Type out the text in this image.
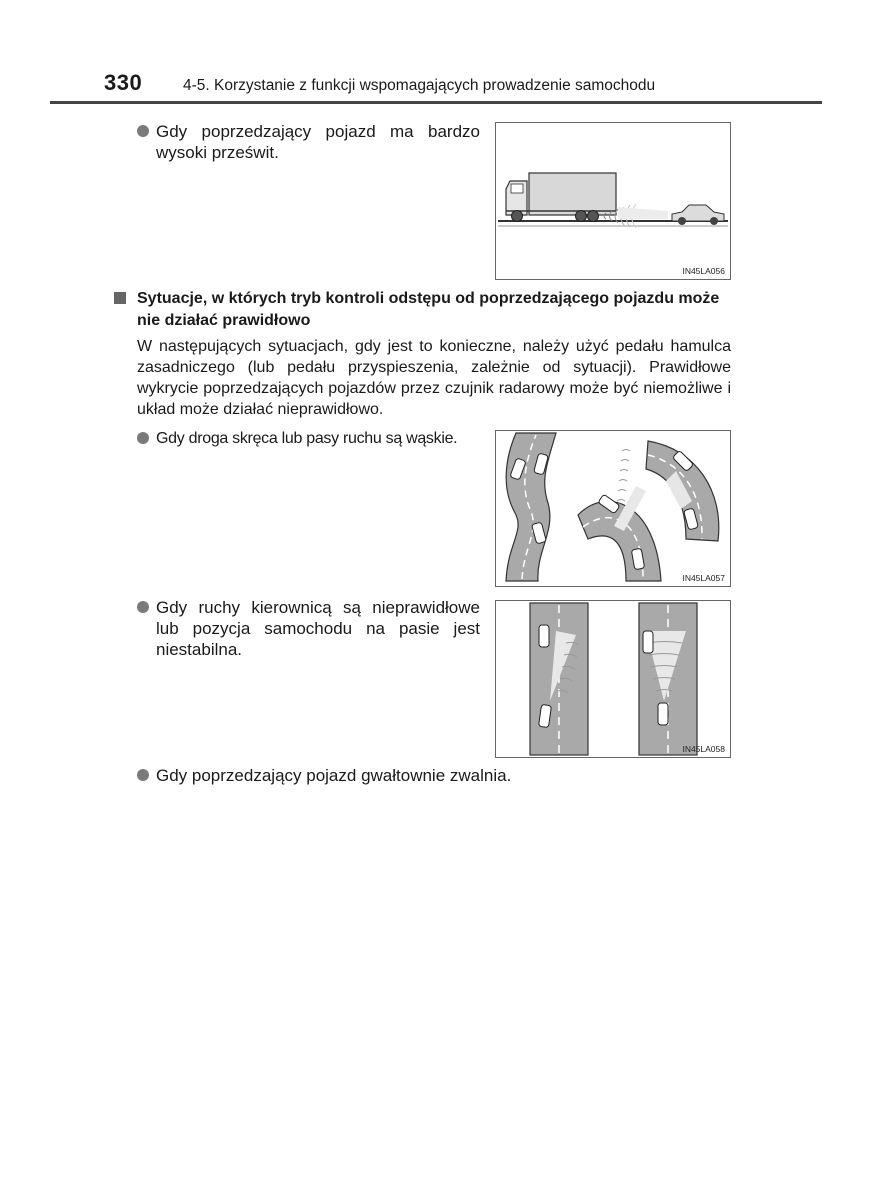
330	4-5. Korzystanie z funkcji wspomagających prowadzenie samochodu
Gdy poprzedzający pojazd ma bardzo wysoki prześwit.
IN45LA056
Sytuacje, w których tryb kontroli odstępu od poprzedzającego pojazdu może nie działać prawidłowo
W następujących sytuacjach, gdy jest to konieczne, należy użyć pedału hamulca zasadniczego (lub pedału przyspieszenia, zależnie od sytuacji). Prawidłowe wykrycie poprzedzających pojazdów przez czujnik radarowy może być niemożliwe i układ może działać nieprawidłowo.
Gdy droga skręca lub pasy ruchu są wąskie.
IN45LA057
Gdy ruchy kierownicą są nieprawidłowe lub pozycja samochodu na pasie jest niestabilna.
IN45LA058
Gdy poprzedzający pojazd gwałtownie zwalnia.
